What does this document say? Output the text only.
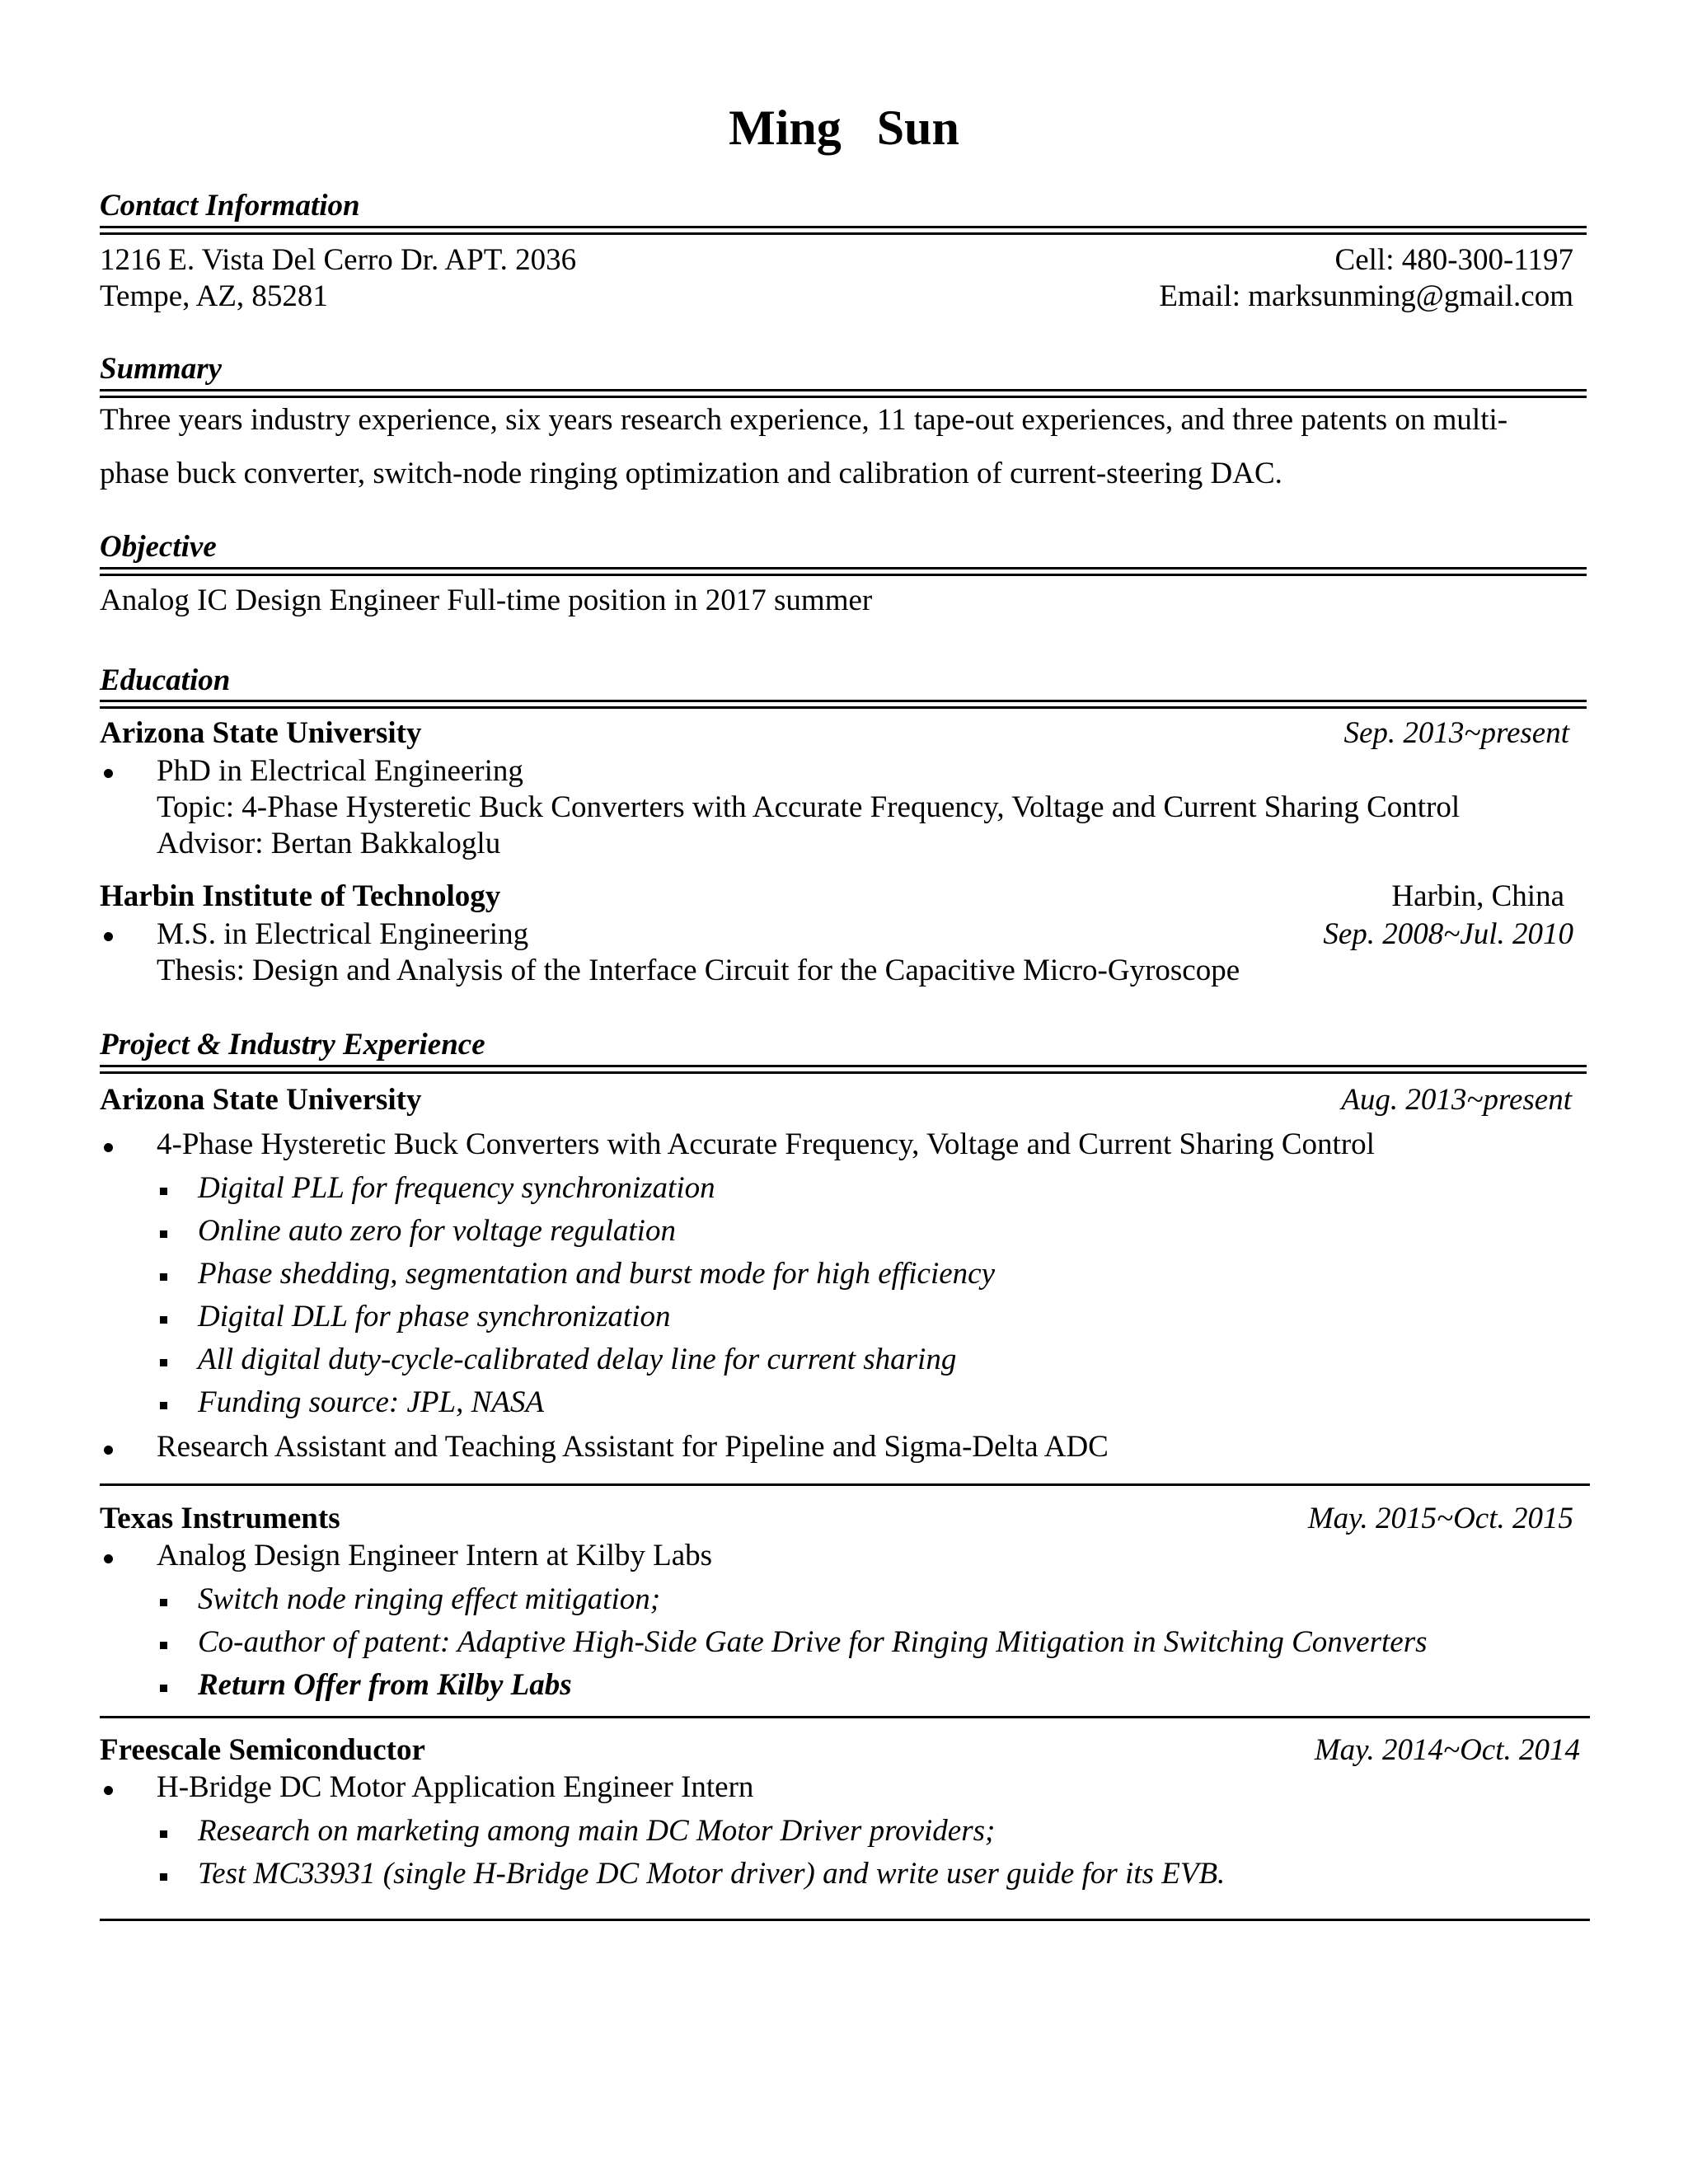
Ming Sun
Contact Information
1216 E. Vista Del Cerro Dr. APT. 2036
Tempe, AZ, 85281
Cell: 480-300-1197
Email: marksunming@gmail.com
Summary
Three years industry experience, six years research experience, 11 tape-out experiences, and three patents on multi-
phase buck converter, switch-node ringing optimization and calibration of current-steering DAC.
Objective
Analog IC Design Engineer Full-time position in 2017 summer
Education
Arizona State University	Sep. 2013~present
PhD in Electrical Engineering
Topic: 4-Phase Hysteretic Buck Converters with Accurate Frequency, Voltage and Current Sharing Control
Advisor: Bertan Bakkaloglu
Harbin Institute of Technology	Harbin, China
M.S. in Electrical Engineering	Sep. 2008~Jul. 2010
Thesis: Design and Analysis of the Interface Circuit for the Capacitive Micro-Gyroscope
Project & Industry Experience
Arizona State University	Aug. 2013~present
4-Phase Hysteretic Buck Converters with Accurate Frequency, Voltage and Current Sharing Control
Digital PLL for frequency synchronization
Online auto zero for voltage regulation
Phase shedding, segmentation and burst mode for high efficiency
Digital DLL for phase synchronization
All digital duty-cycle-calibrated delay line for current sharing
Funding source: JPL, NASA
Research Assistant and Teaching Assistant for Pipeline and Sigma-Delta ADC
Texas Instruments	May. 2015~Oct. 2015
Analog Design Engineer Intern at Kilby Labs
Switch node ringing effect mitigation;
Co-author of patent: Adaptive High-Side Gate Drive for Ringing Mitigation in Switching Converters
Return Offer from Kilby Labs
Freescale Semiconductor	May. 2014~Oct. 2014
H-Bridge DC Motor Application Engineer Intern
Research on marketing among main DC Motor Driver providers;
Test MC33931 (single H-Bridge DC Motor driver) and write user guide for its EVB.
